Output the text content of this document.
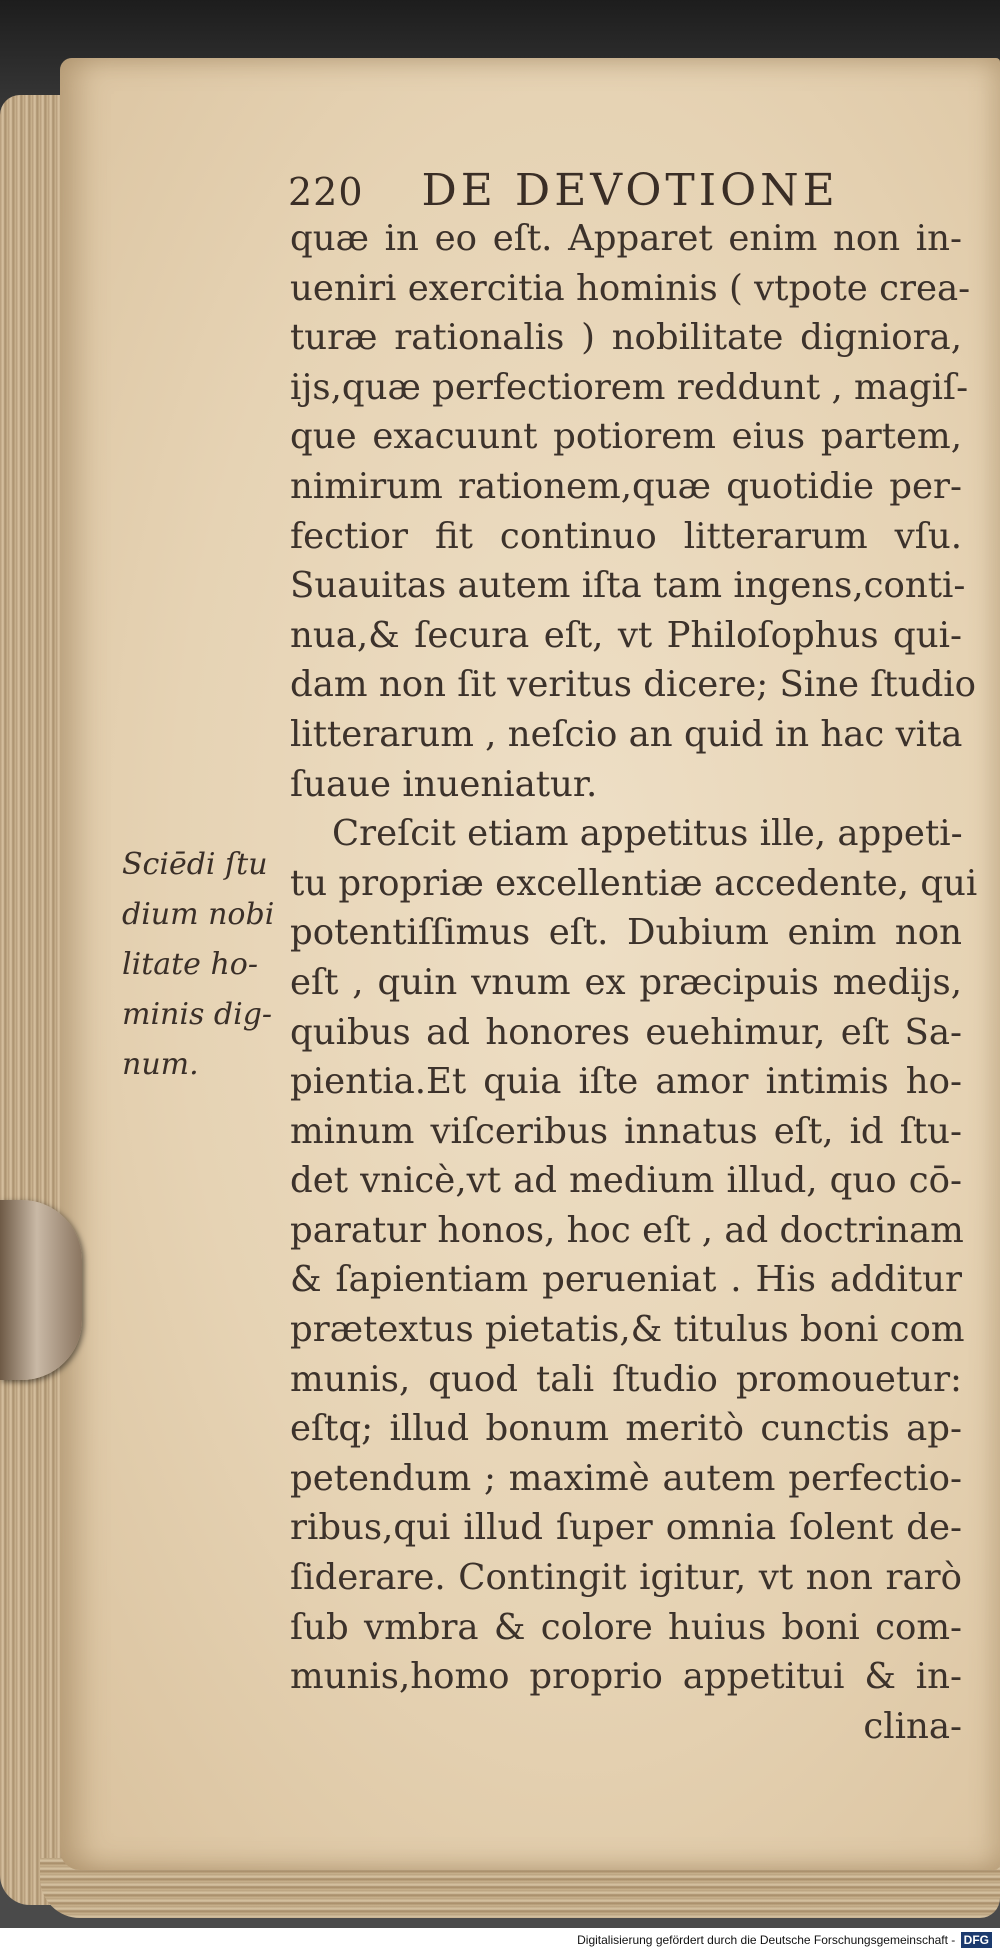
220 DE DEVOTIONE
quæ in eo eſt. Apparet enim non in-
ueniri exercitia hominis ( vtpote crea-
turæ rationalis ) nobilitate digniora,
ijs,quæ perfectiorem reddunt , magiſ-
que exacuunt potiorem eius partem,
nimirum rationem,quæ quotidie per-
fectior fit continuo litterarum vſu.
Suauitas autem iſta tam ingens,conti-
nua,& ſecura eſt, vt Philoſophus qui-
dam non ſit veritus dicere; Sine ſtudio
litterarum , neſcio an quid in hac vita
ſuaue inueniatur.
Creſcit etiam appetitus ille, appeti-
tu propriæ excellentiæ accedente, qui
potentiſſimus eſt. Dubium enim non
eſt , quin vnum ex præcipuis medijs,
quibus ad honores euehimur, eſt Sa-
pientia.Et quia iſte amor intimis ho-
minum viſceribus innatus eſt, id ſtu-
det vnicè,vt ad medium illud, quo cō-
paratur honos, hoc eſt , ad doctrinam
& ſapientiam perueniat . His additur
prætextus pietatis,& titulus boni com
munis, quod tali ſtudio promouetur:
eſtq; illud bonum meritò cunctis ap-
petendum ; maximè autem perfectio-
ribus,qui illud ſuper omnia ſolent de-
ſiderare. Contingit igitur, vt non rarò
ſub vmbra & colore huius boni com-
munis,homo proprio appetitui & in-
clina-
Sciēdi ſtu
dium nobi
litate ho-
minis dig-
num.
Digitalisierung gefördert durch die Deutsche Forschungsgemeinschaft - DFG
